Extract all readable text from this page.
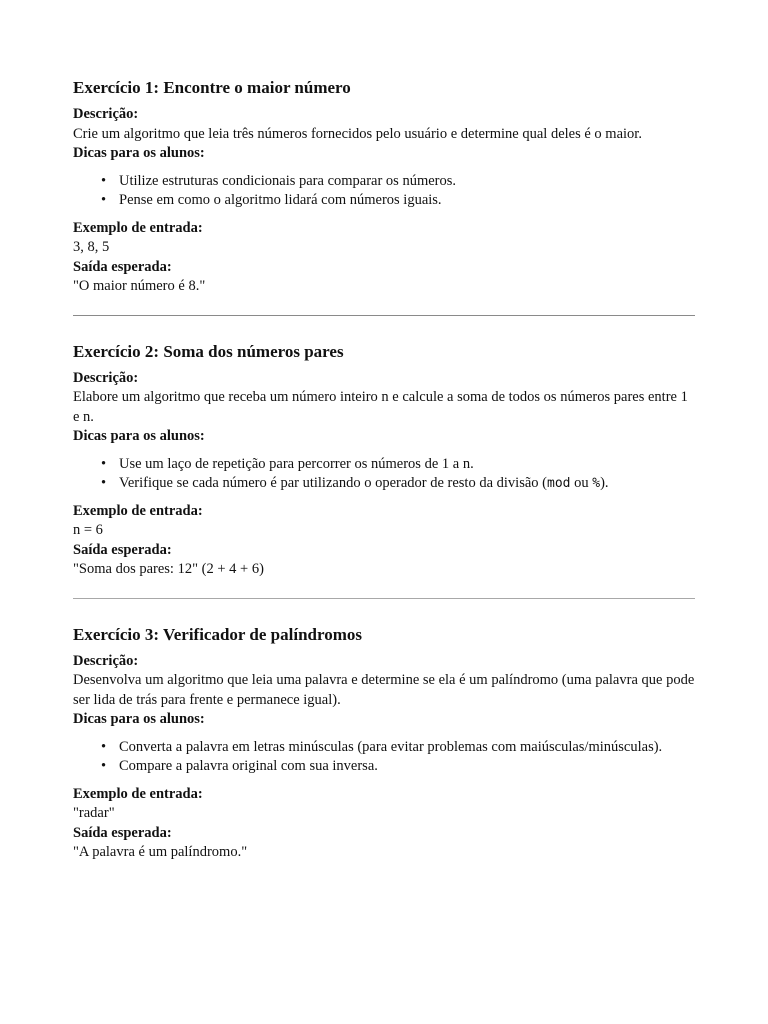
Exercício 1: Encontre o maior número

Descrição:

Crie um algoritmo que leia três números fornecidos pelo usuário e determine qual deles é o maior.

Dicas para os alunos:

• Utilize estruturas condicionais para comparar os números.
• Pense em como o algoritmo lidará com números iguais.

Exemplo de entrada:

3, 8, 5

Saída esperada:

"O maior número é 8."

Exercício 2: Soma dos números pares

Descrição:

Elabore um algoritmo que receba um número inteiro n e calcule a soma de todos os números pares entre 1 e n.

Dicas para os alunos:

• Use um laço de repetição para percorrer os números de 1 a n.
• Verifique se cada número é par utilizando o operador de resto da divisão (mod ou %).

Exemplo de entrada:

n = 6

Saída esperada:

"Soma dos pares: 12" (2 + 4 + 6)

Exercício 3: Verificador de palíndromos

Descrição:

Desenvolva um algoritmo que leia uma palavra e determine se ela é um palíndromo (uma palavra que pode ser lida de trás para frente e permanece igual).

Dicas para os alunos:

• Converta a palavra em letras minúsculas (para evitar problemas com maiúsculas/minúsculas).
• Compare a palavra original com sua inversa.

Exemplo de entrada:

"radar"

Saída esperada:

"A palavra é um palíndromo."
